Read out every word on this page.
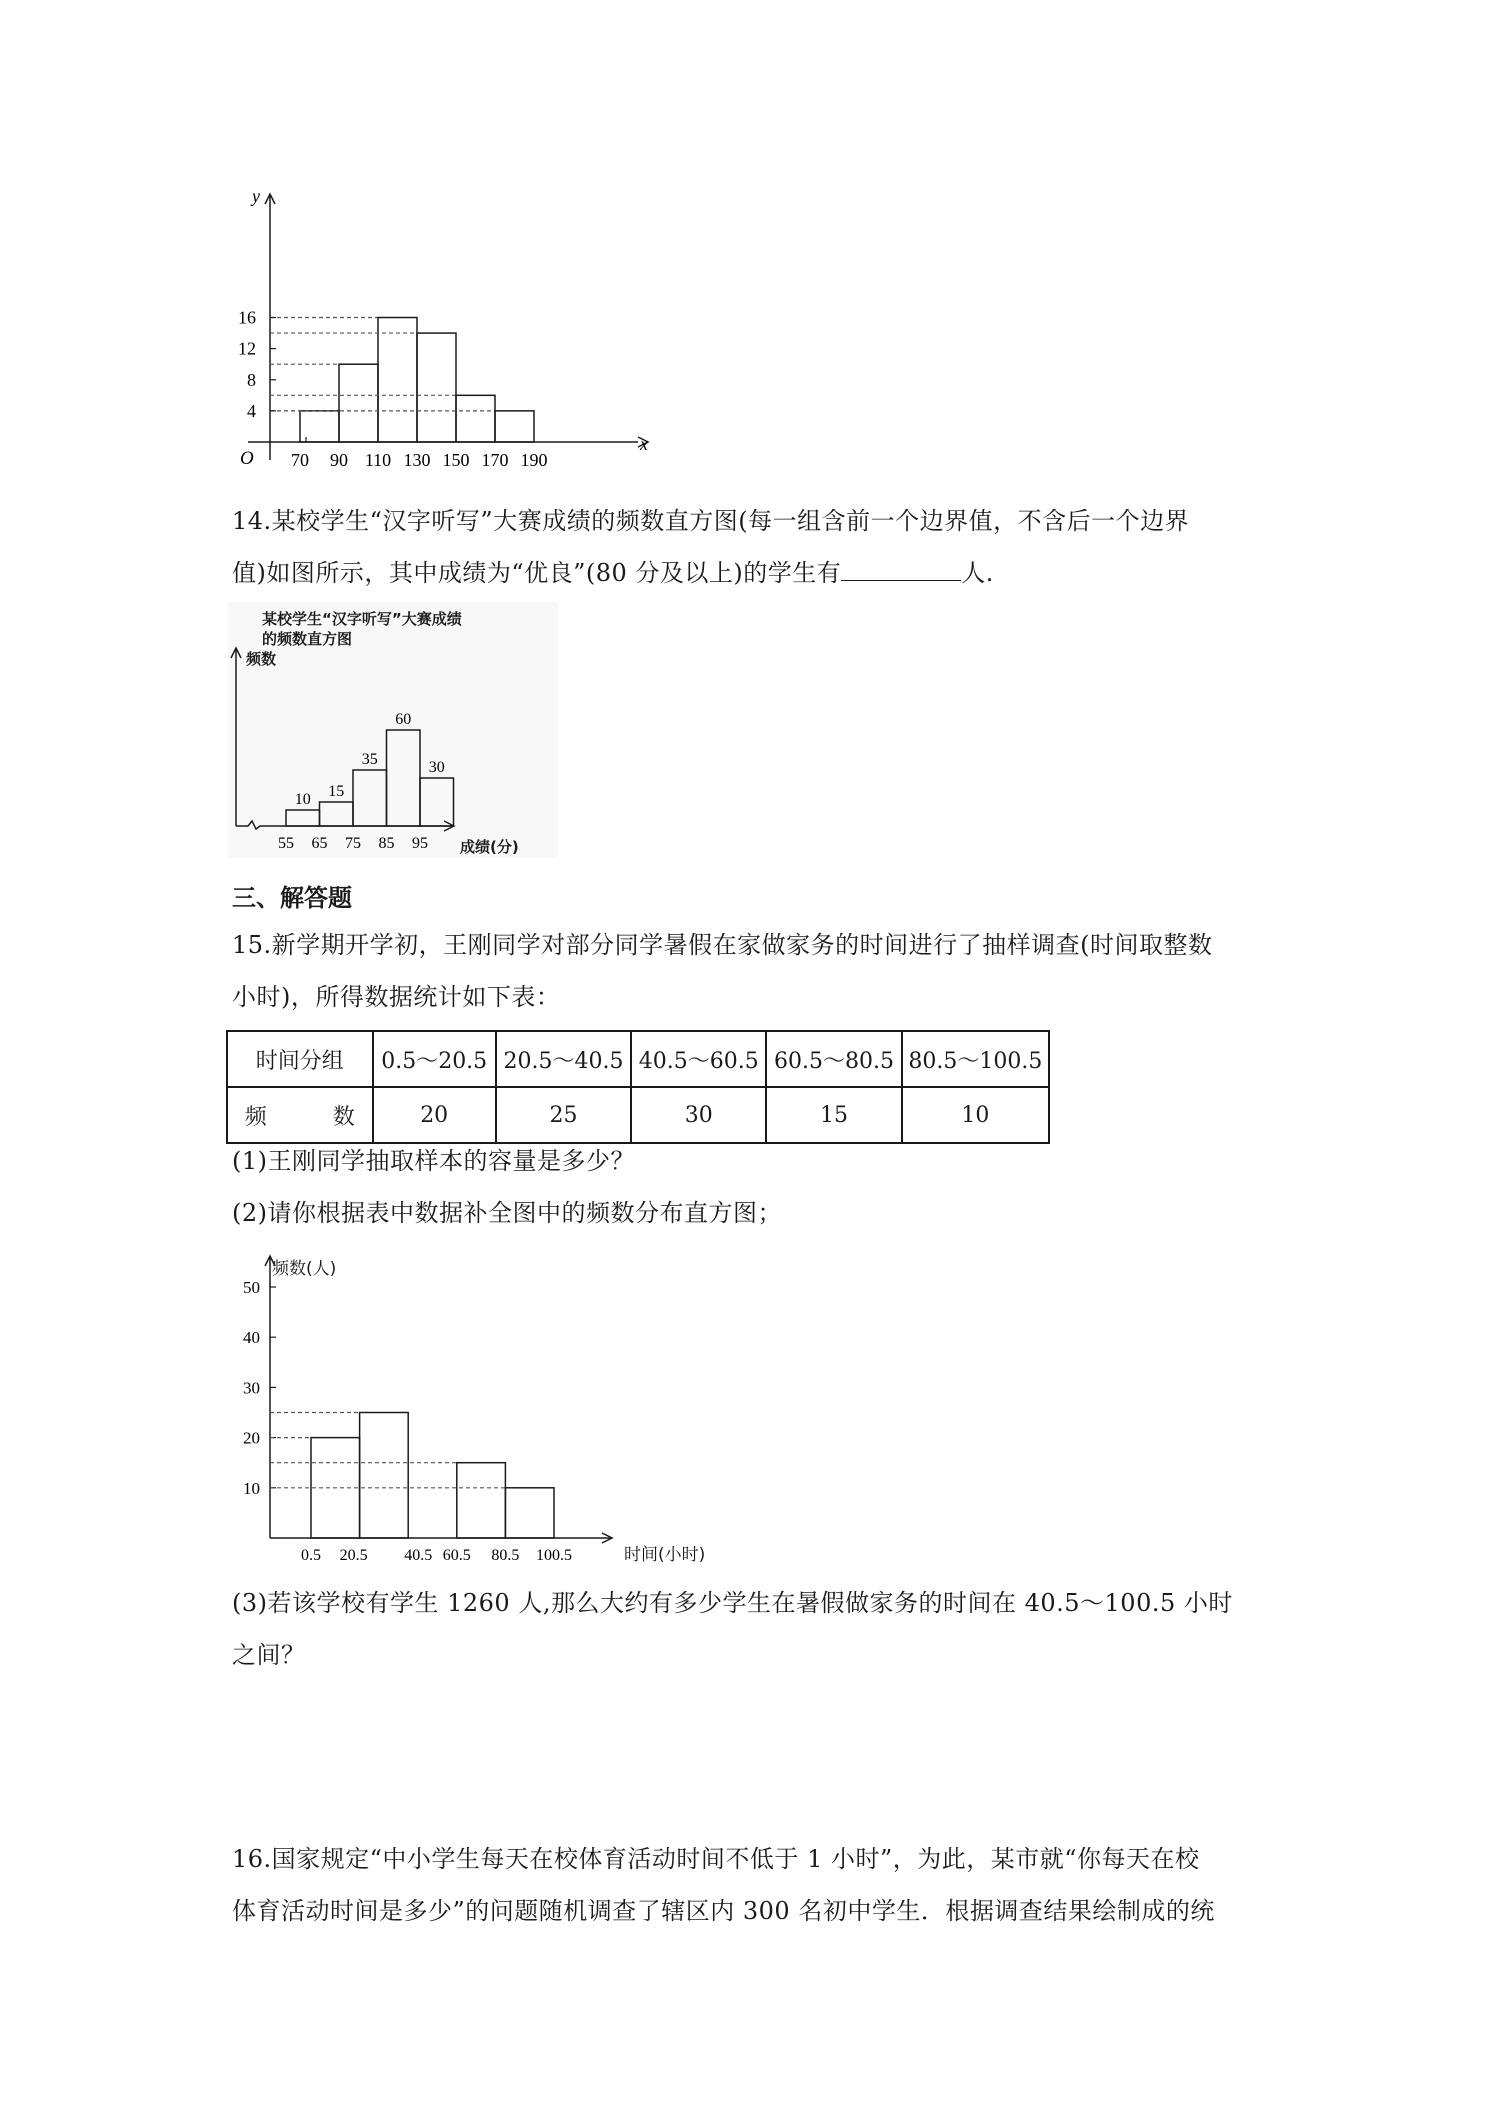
4
8
12
16
70 90 110 130 150 170 190
y
x
O
14.某校学生“汉字听写”大赛成绩的频数直方图(每一组含前一个边界值，不含后一个边界
值)如图所示，其中成绩为“优良”(80 分及以上)的学生有	人.
某校学生“汉字听写”大赛成绩
的频数直方图
10 15
35
60
30
55 65 75 85 95
频数
成绩(分)
三、解答题
15.新学期开学初，王刚同学对部分同学暑假在家做家务的时间进行了抽样调查(时间取整数
小时)，所得数据统计如下表：
时间分组	0.5～20.5	20.5～40.5	40.5～60.5	60.5～80.5	80.5～100.5
频　　　数	20	25	30	15	10
(1)王刚同学抽取样本的容量是多少？
(2)请你根据表中数据补全图中的频数分布直方图；
10
20
30
40
50
0.5 20.5 40.5 60.5 80.5 100.5
频数(人)
时间(小时)
(3)若该学校有学生 1260 人,那么大约有多少学生在暑假做家务的时间在 40.5～100.5 小时
之间？
16.国家规定“中小学生每天在校体育活动时间不低于 1 小时”，为此，某市就“你每天在校
体育活动时间是多少”的问题随机调查了辖区内 300 名初中学生．根据调查结果绘制成的统
